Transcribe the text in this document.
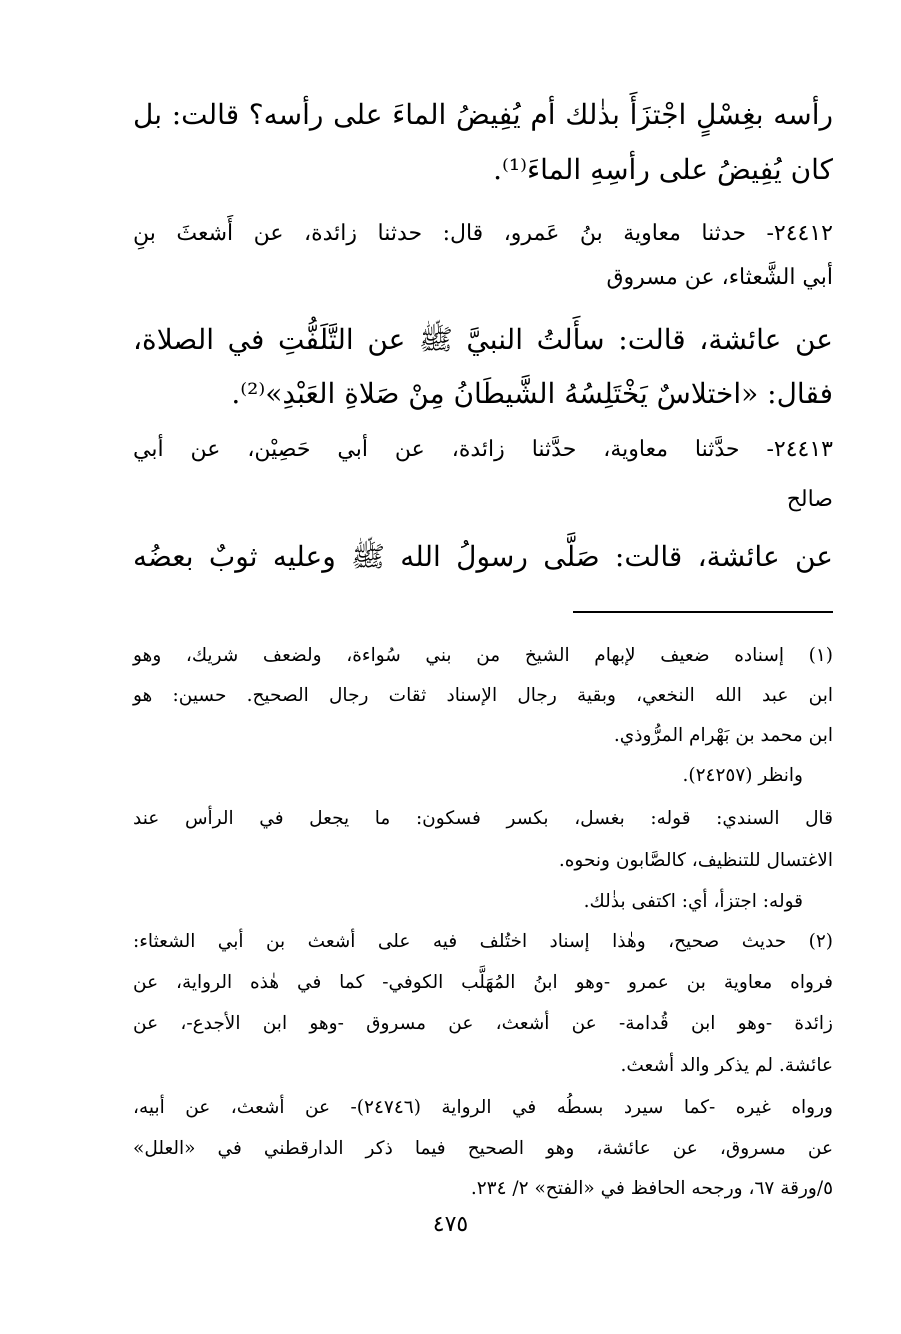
رأسه بغِسْلٍ اجْتزَأَ بذٰلك أم يُفِيضُ الماءَ على رأسه؟ قالت: بل
كان يُفِيضُ على رأسِهِ الماءَ⁽¹⁾.
٢٤٤١٢- حدثنا معاوية بنُ عَمرو، قال: حدثنا زائدة، عن أَشعثَ بنِ
أبي الشَّعثاء، عن مسروق
عن عائشة، قالت: سأَلتُ النبيَّ ﷺ عن التَّلَفُّتِ في الصلاة،
فقال: «اختلاسٌ يَخْتَلِسُهُ الشَّيطَانُ مِنْ صَلاةِ العَبْدِ»⁽²⁾.
٢٤٤١٣- حدَّثنا معاوية، حدَّثنا زائدة، عن أبي حَصِيْن، عن أبي
صالح
عن عائشة، قالت: صَلَّى رسولُ الله ﷺ وعليه ثوبٌ بعضُه
(١) إسناده ضعيف لإبهام الشيخ من بني سُواءة، ولضعف شريك، وهو
ابن عبد الله النخعي، وبقية رجال الإسناد ثقات رجال الصحيح. حسين: هو
ابن محمد بن بَهْرام المرُّوذي.
وانظر (٢٤٢٥٧).
قال السندي: قوله: بغسل، بكسر فسكون: ما يجعل في الرأس عند
الاغتسال للتنظيف، كالصَّابون ونحوه.
قوله: اجتزأ، أي: اكتفى بذٰلك.
(٢) حديث صحيح، وهٰذا إسناد اختُلف فيه على أشعث بن أبي الشعثاء:
فرواه معاوية بن عمرو -وهو ابنُ المُهَلَّب الكوفي- كما في هٰذه الرواية، عن
زائدة -وهو ابن قُدامة- عن أشعث، عن مسروق -وهو ابن الأجدع-، عن
عائشة. لم يذكر والد أشعث.
ورواه غيره -كما سيرد بسطُه في الرواية (٢٤٧٤٦)- عن أشعث، عن أبيه،
عن مسروق، عن عائشة، وهو الصحيح فيما ذكر الدارقطني في «العلل»
٥/ورقة ٦٧، ورجحه الحافظ في «الفتح» ٢/ ٢٣٤.
٤٧٥
